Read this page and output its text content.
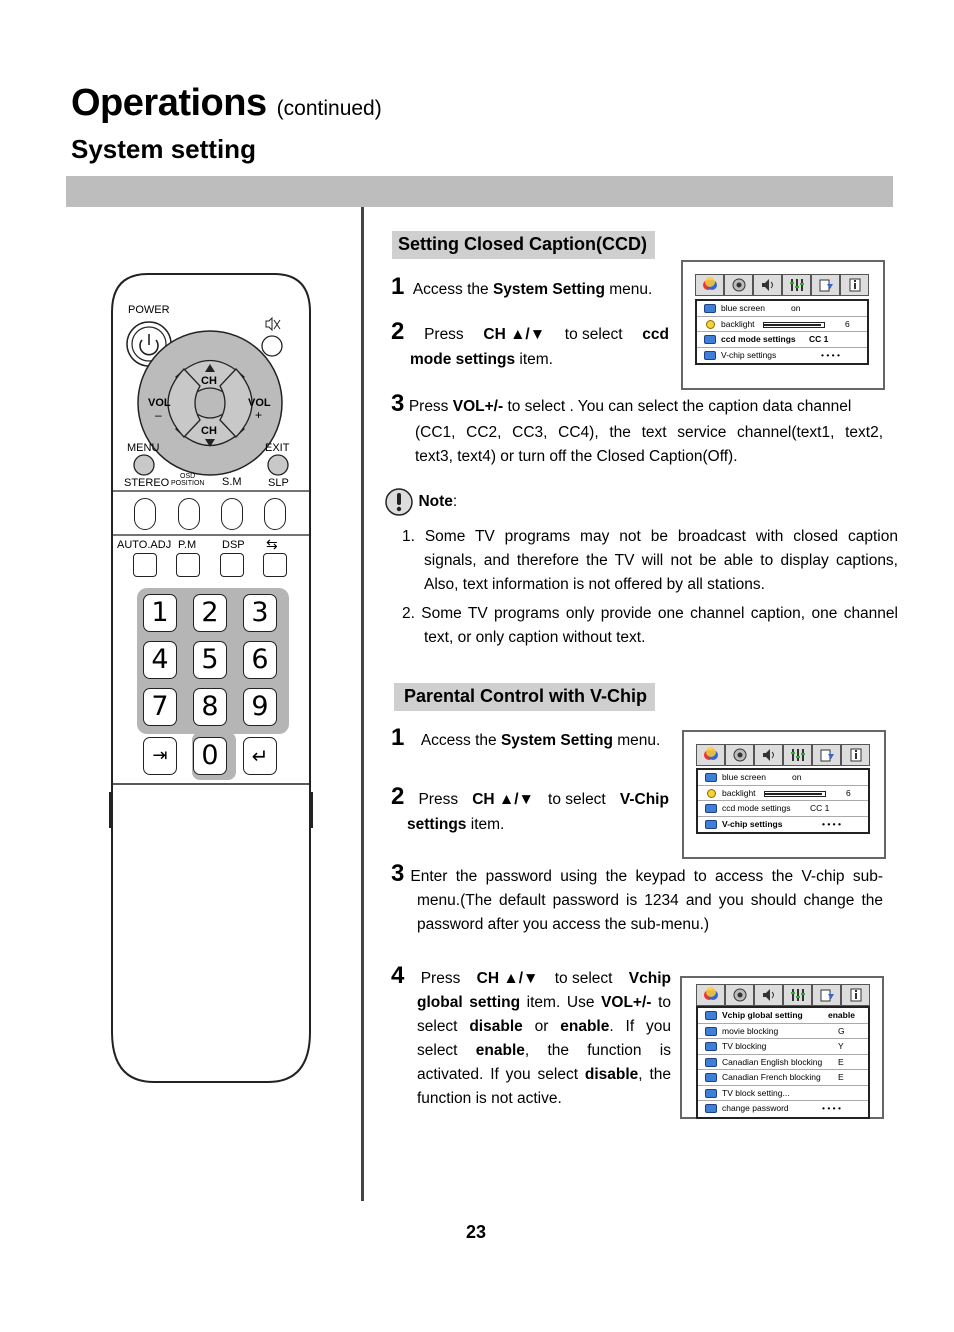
Operations (continued)
System setting
POWER
CH
CH
VOL
–
VOL
+
MENU	EXIT
STEREO
OSD
POSITION S.M SLP
AUTO.ADJ P.M DSP ⇆
1	2	3
4	5	6
7	8	9
⇥	0	↵
Setting Closed Caption(CCD)
1 Access the System Setting menu.
2 Press CH ▲/▼ to select ccd
mode settings item.
3 Press VOL+/- to select . You can select the caption data channel
(CC1, CC2, CC3, CC4), the text service channel(text1, text2,
text3, text4) or turn off the Closed Caption(Off).
blue screen	on
backlight	6
ccd mode settings CC 1
V-chip settings	• • • •
Note:
1. Some TV programs may not be broadcast with closed caption
signals, and therefore the TV will not be able to display captions,
Also, text information is not offered by all stations.
2. Some TV programs only provide one channel caption, one channel
text, or only caption without text.
Parental Control with V-Chip
1 Access the System Setting menu.
2 Press CH ▲/▼ to select V-Chip
settings item.
blue screen	on
backlight	6
ccd mode settings CC 1
V-chip settings	• • • •
3 Enter the password using the keypad to access the V-chip sub-
menu.(The default password is 1234 and you should change the
password after you access the sub-menu.)
4 Press CH ▲/▼ to select Vchip
global setting item. Use VOL+/- to
select disable or enable. If you
select enable, the function is
activated. If you select disable, the
function is not active.
Vchip global setting	enable
movie blocking	G
TV blocking	Y
Canadian English blocking E
Canadian French blocking E
TV block setting...
change password	• • • •
23
